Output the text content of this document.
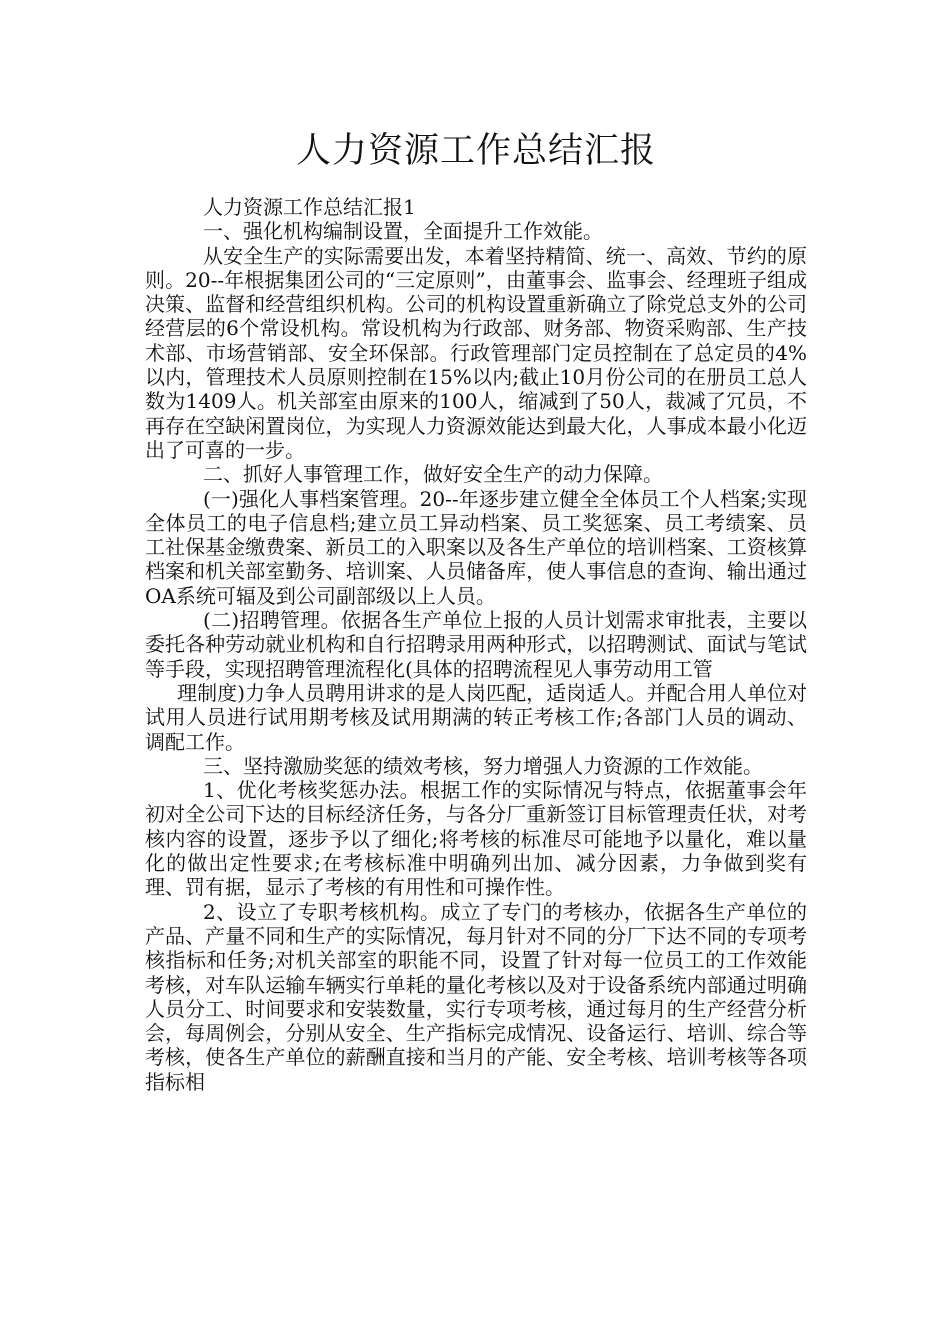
人力资源工作总结汇报

人力资源工作总结汇报1

一、强化机构编制设置，全面提升工作效能。

从安全生产的实际需要出发，本着坚持精简、统一、高效、节约的原则。20--年根据集团公司的“三定原则”，由董事会、监事会、经理班子组成决策、监督和经营组织机构。公司的机构设置重新确立了除党总支外的公司经营层的6个常设机构。常设机构为行政部、财务部、物资采购部、生产技术部、市场营销部、安全环保部。行政管理部门定员控制在了总定员的4%以内，管理技术人员原则控制在15%以内;截止10月份公司的在册员工总人数为1409人。机关部室由原来的100人，缩减到了50人，裁减了冗员，不再存在空缺闲置岗位，为实现人力资源效能达到最大化，人事成本最小化迈出了可喜的一步。

二、抓好人事管理工作，做好安全生产的动力保障。

(一)强化人事档案管理。20--年逐步建立健全全体员工个人档案;实现全体员工的电子信息档;建立员工异动档案、员工奖惩案、员工考绩案、员工社保基金缴费案、新员工的入职案以及各生产单位的培训档案、工资核算档案和机关部室勤务、培训案、人员储备库，使人事信息的查询、输出通过OA系统可辐及到公司副部级以上人员。

(二)招聘管理。依据各生产单位上报的人员计划需求审批表，主要以委托各种劳动就业机构和自行招聘录用两种形式，以招聘测试、面试与笔试等手段，实现招聘管理流程化(具体的招聘流程见人事劳动用工管

理制度)力争人员聘用讲求的是人岗匹配，适岗适人。并配合用人单位对试用人员进行试用期考核及试用期满的转正考核工作;各部门人员的调动、调配工作。

三、坚持激励奖惩的绩效考核，努力增强人力资源的工作效能。

1、优化考核奖惩办法。根据工作的实际情况与特点，依据董事会年初对全公司下达的目标经济任务，与各分厂重新签订目标管理责任状，对考核内容的设置，逐步予以了细化;将考核的标准尽可能地予以量化，难以量化的做出定性要求;在考核标准中明确列出加、减分因素，力争做到奖有理、罚有据，显示了考核的有用性和可操作性。

2、设立了专职考核机构。成立了专门的考核办，依据各生产单位的产品、产量不同和生产的实际情况，每月针对不同的分厂下达不同的专项考核指标和任务;对机关部室的职能不同，设置了针对每一位员工的工作效能考核，对车队运输车辆实行单耗的量化考核以及对于设备系统内部通过明确人员分工、时间要求和安装数量，实行专项考核，通过每月的生产经营分析会，每周例会，分别从安全、生产指标完成情况、设备运行、培训、综合等考核，使各生产单位的薪酬直接和当月的产能、安全考核、培训考核等各项指标相
